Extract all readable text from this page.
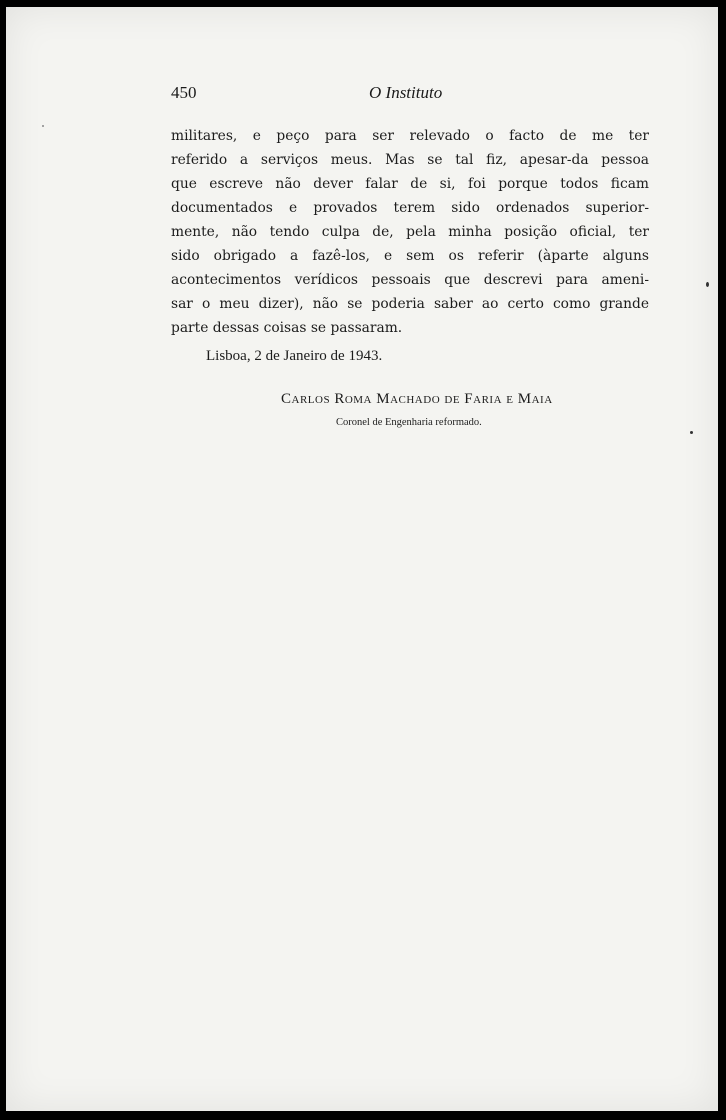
450	O Instituto
militares, e peço para ser relevado o facto de me ter
referido a serviços meus. Mas se tal fiz, apesar-da pessoa
que escreve não dever falar de si, foi porque todos ficam
documentados e provados terem sido ordenados superior-
mente, não tendo culpa de, pela minha posição oficial, ter
sido obrigado a fazê-los, e sem os referir (àparte alguns
acontecimentos verídicos pessoais que descrevi para ameni-
sar o meu dizer), não se poderia saber ao certo como grande
parte dessas coisas se passaram.
Lisboa, 2 de Janeiro de 1943.
Carlos Roma Machado de Faria e Maia
Coronel de Engenharia reformado.
